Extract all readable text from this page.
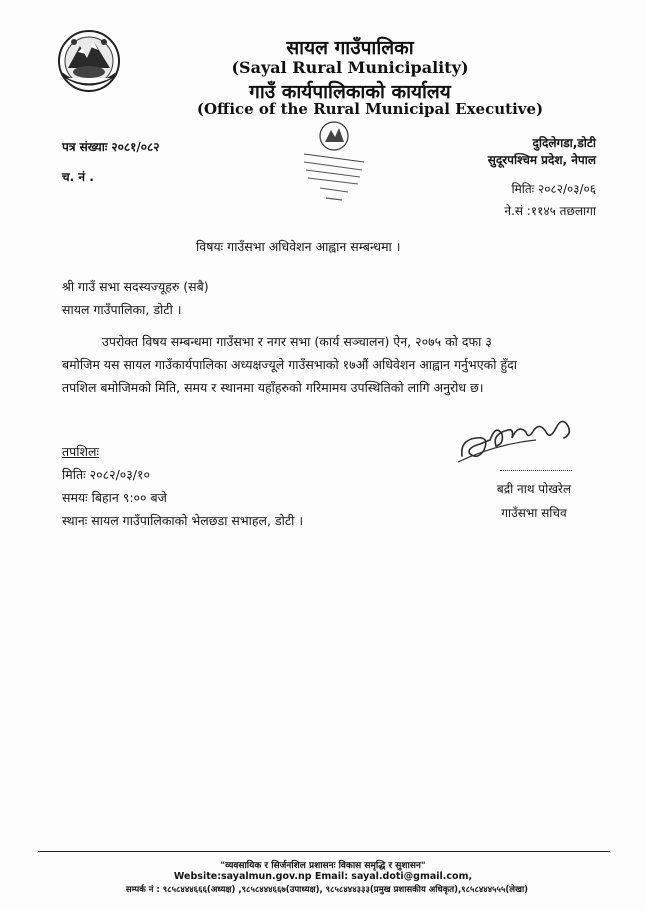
सायल गाउँपालिका
(Sayal Rural Municipality)
गाउँ कार्यपालिकाको कार्यालय
(Office of the Rural Municipal Executive)
पत्र संख्याः २०८१/०८२
च. नं .
दुदिलेगडा,डोटी
सुदूरपश्चिम प्रदेश, नेपाल
मितिः २०८२/०३/०६
ने.सं :११४५ तछलागा
विषयः गाउँसभा अधिवेशन आह्वान सम्बन्धमा ।
श्री गाउँ सभा सदस्यज्यूहरु (सबै)
सायल गाउँपालिका, डोटी ।
उपरोक्त विषय सम्बन्धमा गाउँसभा र नगर सभा (कार्य सञ्चालन) ऐन, २०७५ को दफा ३
बमोजिम यस सायल गाउँकार्यपालिका अध्यक्षज्यूले गाउँसभाको १७औं अधिवेशन आह्वान गर्नुभएको हुँदा
तपशिल बमोजिमको मिति, समय र स्थानमा यहाँहरुको गरिमामय उपस्थितिको लागि अनुरोध छ।
तपशिलः
मितिः २०८२/०३/१०
समयः बिहान ९:०० बजे
स्थानः सायल गाउँपालिकाको भेलछडा सभाहल, डोटी ।
बद्री नाथ पोखरेल
गाउँसभा सचिव
"व्यवसायिक र सिर्जनशिल प्रशासनः विकास समृद्धि र सुशासन"
Website:sayalmun.gov.np Email: sayal.doti@gmail.com,
सम्पर्क नं : ९८५८४४४६६६(अध्यक्ष) ,९८५८४४४६६७(उपाध्यक्ष), ९८५८४४४३३३(प्रमुख प्रशासकीय अधिकृत),९८५८४४४५५५(लेखा)
